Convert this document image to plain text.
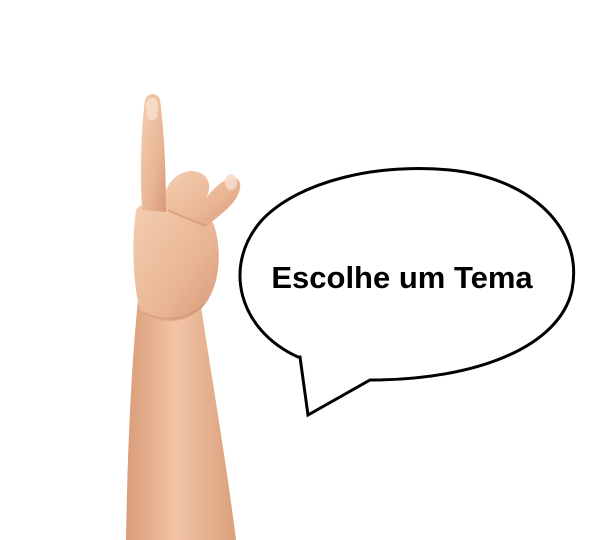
Escolhe um Tema
